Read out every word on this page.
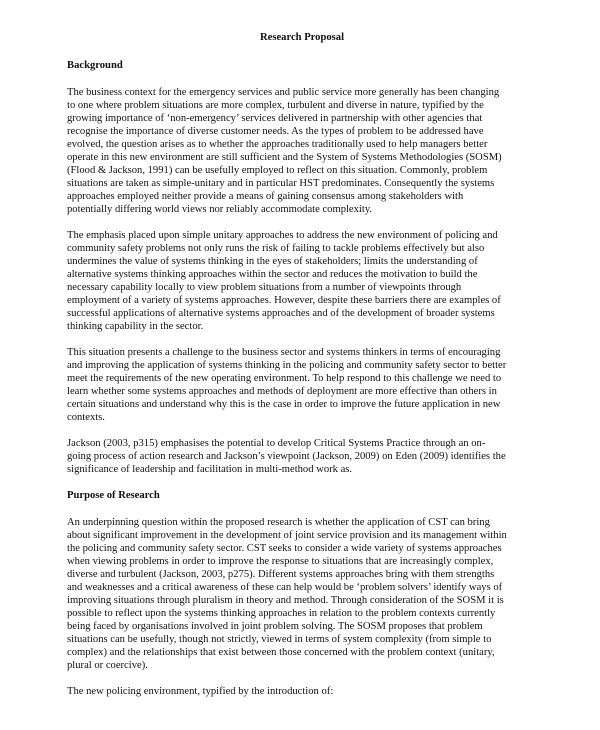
Research Proposal
Background
The business context for the emergency services and public service more generally has been changing
to one where problem situations are more complex, turbulent and diverse in nature, typified by the
growing importance of ‘non-emergency’ services delivered in partnership with other agencies that
recognise the importance of diverse customer needs. As the types of problem to be addressed have
evolved, the question arises as to whether the approaches traditionally used to help managers better
operate in this new environment are still sufficient and the System of Systems Methodologies (SOSM)
(Flood & Jackson, 1991) can be usefully employed to reflect on this situation. Commonly, problem
situations are taken as simple-unitary and in particular HST predominates. Consequently the systems
approaches employed neither provide a means of gaining consensus among stakeholders with
potentially differing world views nor reliably accommodate complexity.
The emphasis placed upon simple unitary approaches to address the new environment of policing and
community safety problems not only runs the risk of failing to tackle problems effectively but also
undermines the value of systems thinking in the eyes of stakeholders; limits the understanding of
alternative systems thinking approaches within the sector and reduces the motivation to build the
necessary capability locally to view problem situations from a number of viewpoints through
employment of a variety of systems approaches. However, despite these barriers there are examples of
successful applications of alternative systems approaches and of the development of broader systems
thinking capability in the sector.
This situation presents a challenge to the business sector and systems thinkers in terms of encouraging
and improving the application of systems thinking in the policing and community safety sector to better
meet the requirements of the new operating environment. To help respond to this challenge we need to
learn whether some systems approaches and methods of deployment are more effective than others in
certain situations and understand why this is the case in order to improve the future application in new
contexts.
Jackson (2003, p315) emphasises the potential to develop Critical Systems Practice through an on-
going process of action research and Jackson’s viewpoint (Jackson, 2009) on Eden (2009) identifies the
significance of leadership and facilitation in multi-method work as.
Purpose of Research
An underpinning question within the proposed research is whether the application of CST can bring
about significant improvement in the development of joint service provision and its management within
the policing and community safety sector. CST seeks to consider a wide variety of systems approaches
when viewing problems in order to improve the response to situations that are increasingly complex,
diverse and turbulent (Jackson, 2003, p275). Different systems approaches bring with them strengths
and weaknesses and a critical awareness of these can help would be ‘problem solvers’ identify ways of
improving situations through pluralism in theory and method. Through consideration of the SOSM it is
possible to reflect upon the systems thinking approaches in relation to the problem contexts currently
being faced by organisations involved in joint problem solving. The SOSM proposes that problem
situations can be usefully, though not strictly, viewed in terms of system complexity (from simple to
complex) and the relationships that exist between those concerned with the problem context (unitary,
plural or coercive).
The new policing environment, typified by the introduction of:
